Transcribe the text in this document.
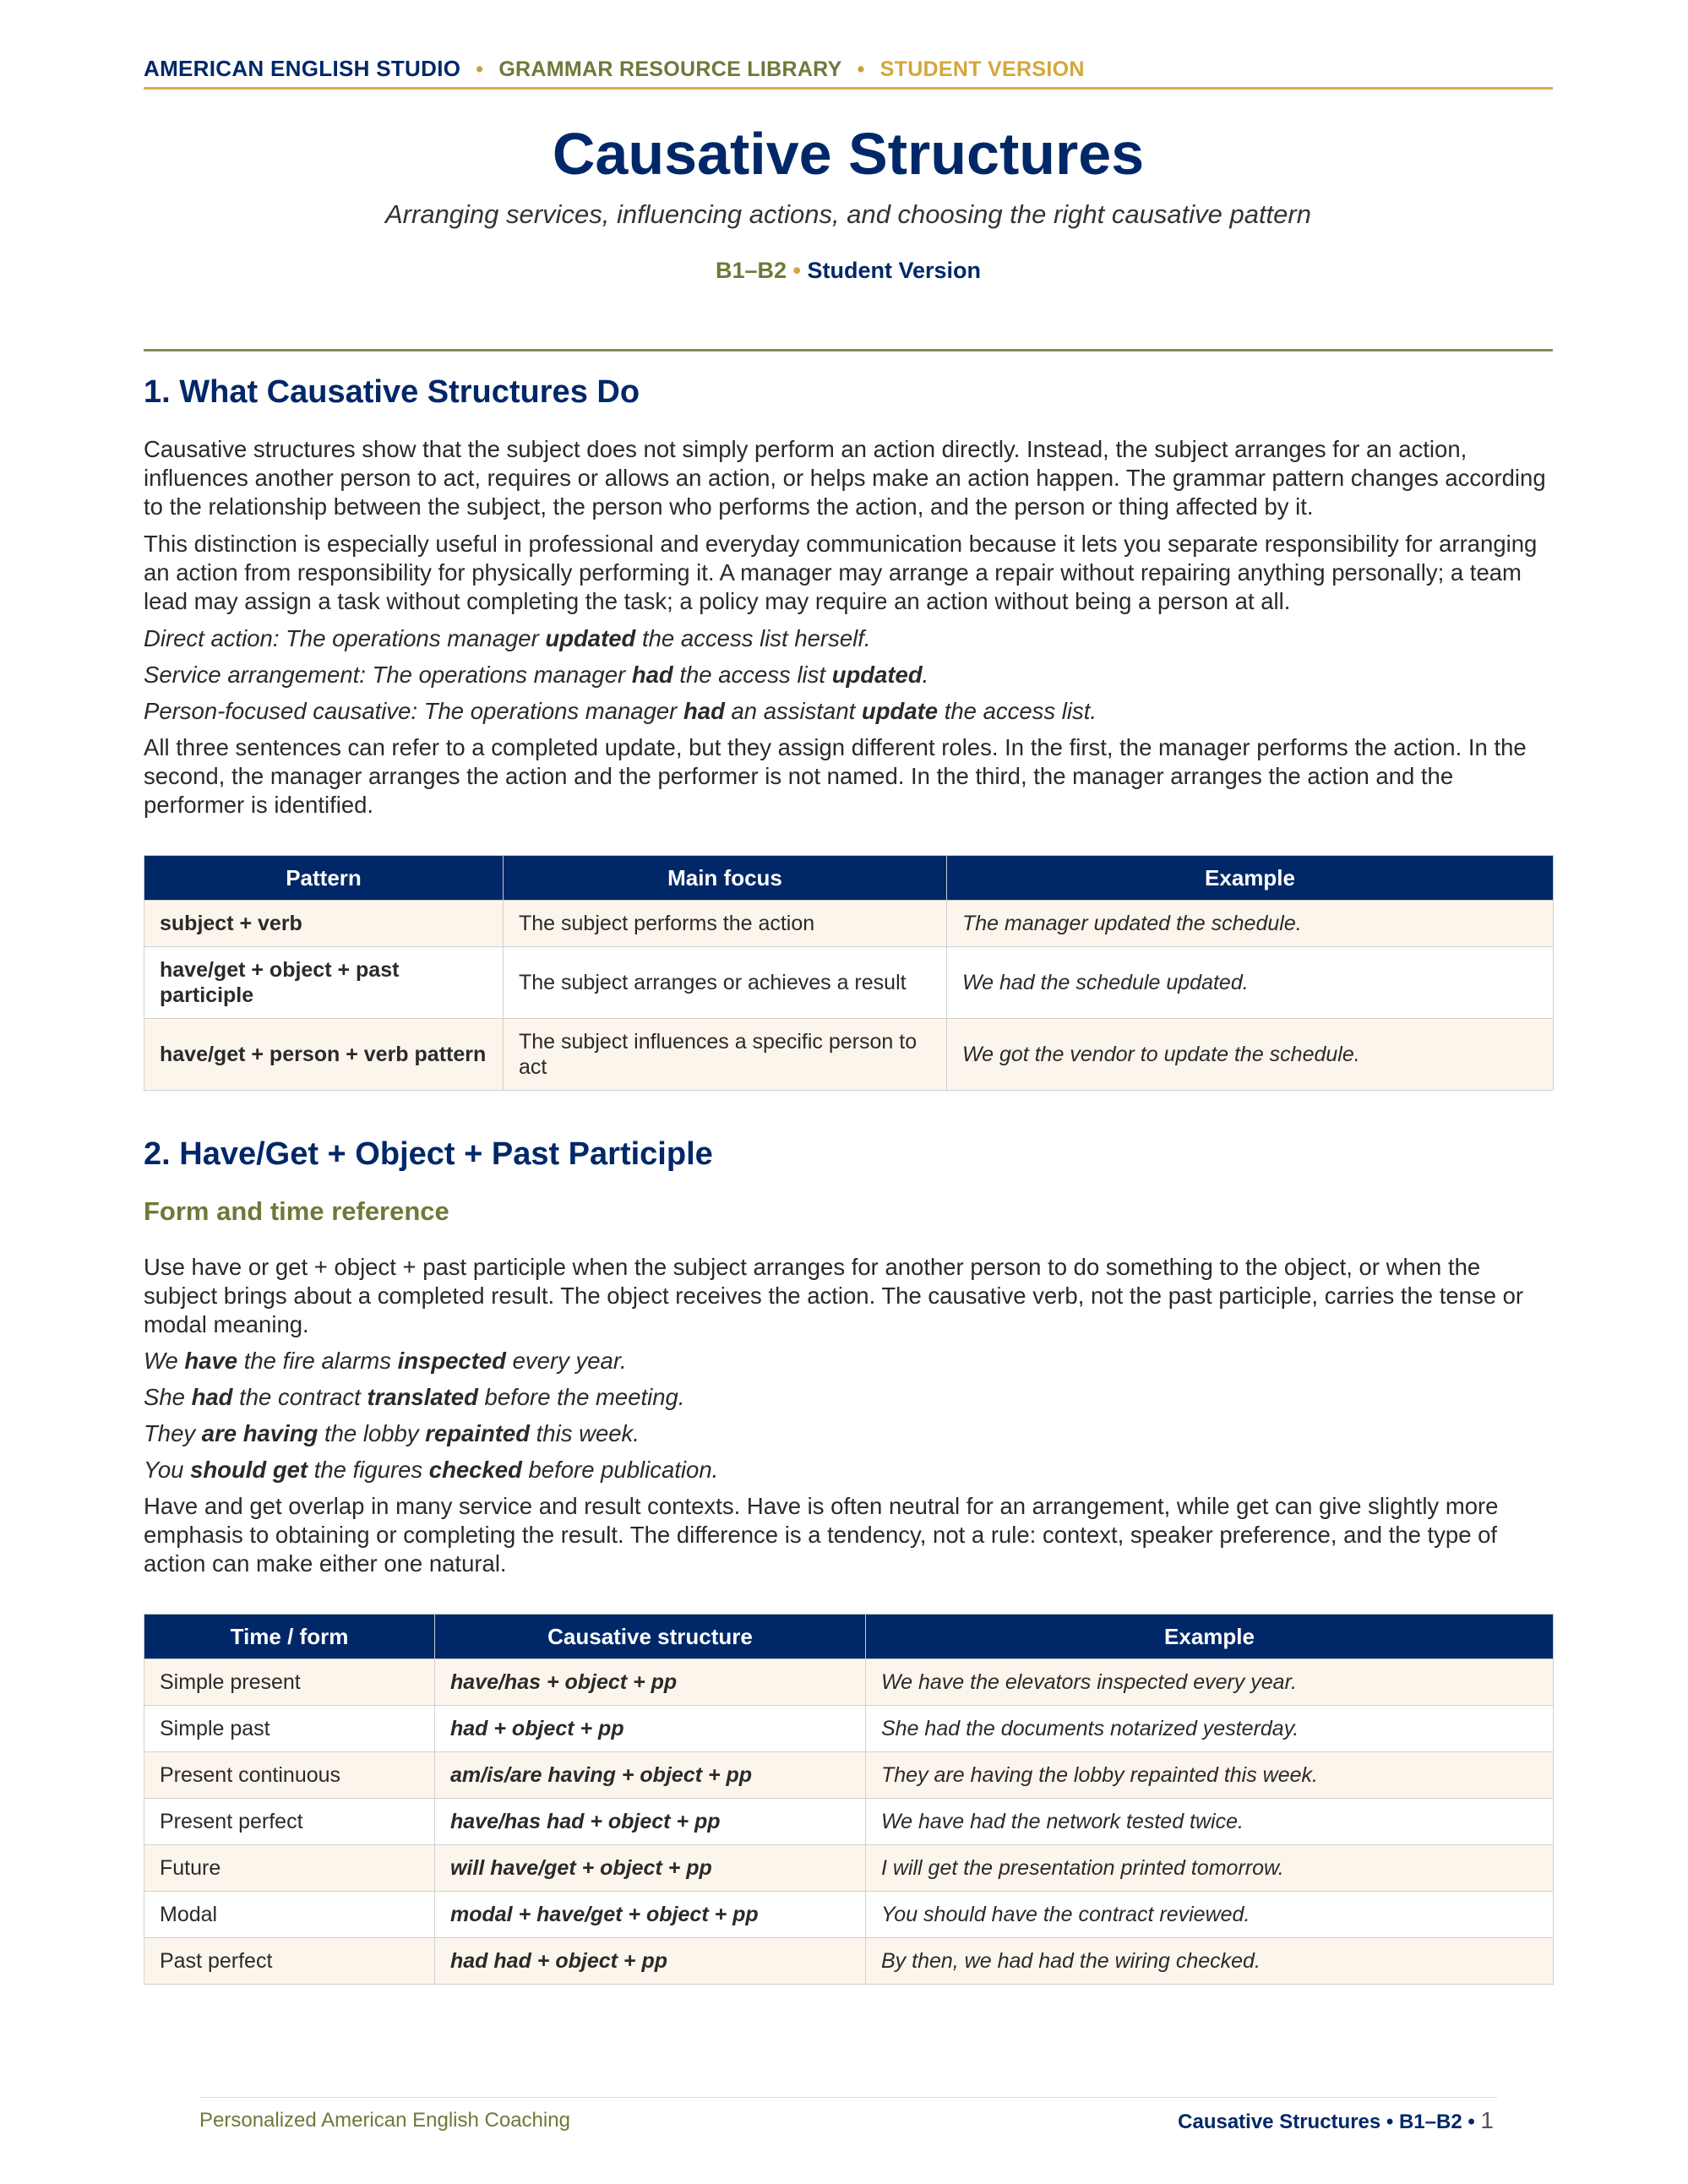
AMERICAN ENGLISH STUDIO • GRAMMAR RESOURCE LIBRARY • STUDENT VERSION
Causative Structures
Arranging services, influencing actions, and choosing the right causative pattern
B1–B2 • Student Version
1. What Causative Structures Do

Causative structures show that the subject does not simply perform an action directly. Instead, the subject arranges for an action, influences another person to act, requires or allows an action, or helps make an action happen. The grammar pattern changes according to the relationship between the subject, the person who performs the action, and the person or thing affected by it.

This distinction is especially useful in professional and everyday communication because it lets you separate responsibility for arranging an action from responsibility for physically performing it. A manager may arrange a repair without repairing anything personally; a team lead may assign a task without completing the task; a policy may require an action without being a person at all.

Direct action: The operations manager updated the access list herself.

Service arrangement: The operations manager had the access list updated.

Person-focused causative: The operations manager had an assistant update the access list.

All three sentences can refer to a completed update, but they assign different roles. In the first, the manager performs the action. In the second, the manager arranges the action and the performer is not named. In the third, the manager arranges the action and the performer is identified.

Pattern	Main focus	Example
subject + verb	The subject performs the action	The manager updated the schedule.
have/get + object + past participle	The subject arranges or achieves a result	We had the schedule updated.
have/get + person + verb pattern	The subject influences a specific person to act	We got the vendor to update the schedule.
2. Have/Get + Object + Past Participle
Form and time reference

Use have or get + object + past participle when the subject arranges for another person to do something to the object, or when the subject brings about a completed result. The object receives the action. The causative verb, not the past participle, carries the tense or modal meaning.

We have the fire alarms inspected every year.

She had the contract translated before the meeting.

They are having the lobby repainted this week.

You should get the figures checked before publication.

Have and get overlap in many service and result contexts. Have is often neutral for an arrangement, while get can give slightly more emphasis to obtaining or completing the result. The difference is a tendency, not a rule: context, speaker preference, and the type of action can make either one natural.

Time / form	Causative structure	Example
Simple present	have/has + object + pp	We have the elevators inspected every year.
Simple past	had + object + pp	She had the documents notarized yesterday.
Present continuous	am/is/are having + object + pp	They are having the lobby repainted this week.
Present perfect	have/has had + object + pp	We have had the network tested twice.
Future	will have/get + object + pp	I will get the presentation printed tomorrow.
Modal	modal + have/get + object + pp	You should have the contract reviewed.
Past perfect	had had + object + pp	By then, we had had the wiring checked.
Personalized American English Coaching	Causative Structures • B1–B2 • 1
